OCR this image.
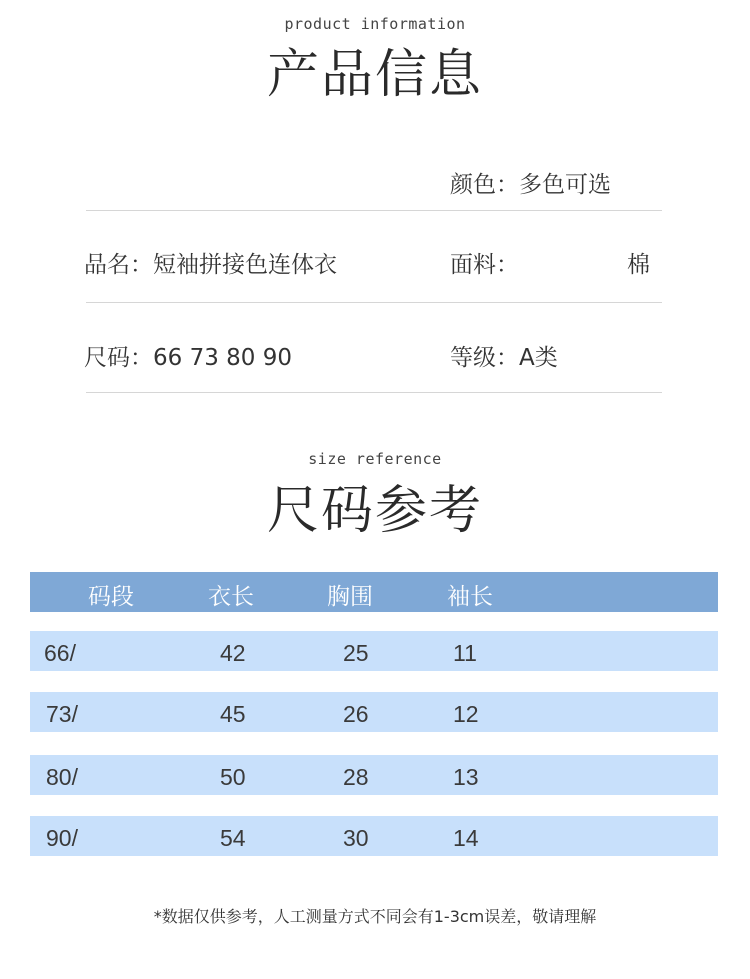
product information
产品信息
颜色：多色可选
品名：短袖拼接色连体衣	面料：	棉
尺码：66 73 80 90	等级：A类
size reference
尺码参考
码段	衣长	胸围	袖长
66/	42	25	11
73/	45	26	12
80/	50	28	13
90/	54	30	14
*数据仅供参考，人工测量方式不同会有1-3cm误差，敬请理解
